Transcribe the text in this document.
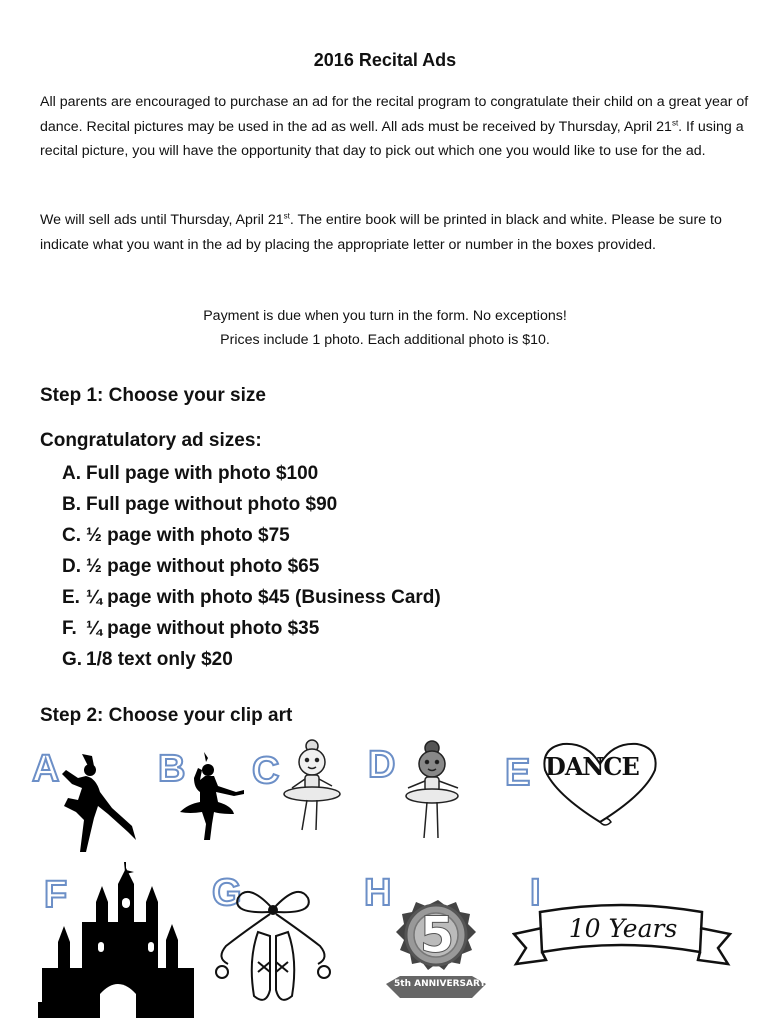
2016 Recital Ads

All parents are encouraged to purchase an ad for the recital program to congratulate their child on a great year of dance. Recital pictures may be used in the ad as well. All ads must be received by Thursday, April 21st. If using a recital picture, you will have the opportunity that day to pick out which one you would like to use for the ad.

We will sell ads until Thursday, April 21st. The entire book will be printed in black and white. Please be sure to indicate what you want in the ad by placing the appropriate letter or number in the boxes provided.

Payment is due when you turn in the form. No exceptions!

Prices include 1 photo. Each additional photo is $10.

Step 1: Choose your size
Congratulatory ad sizes:
A. Full page with photo $100
B. Full page without photo $90
C. ½ page with photo $75
D. ½ page without photo $65
E. ¼ page with photo $45 (Business Card)
F. ¼ page without photo $35
G. 1/8 text only $20
Step 2: Choose your clip art
A	B C D	E DANCE
F	G	H
5
5th ANNIVERSARY
I
10 Years
